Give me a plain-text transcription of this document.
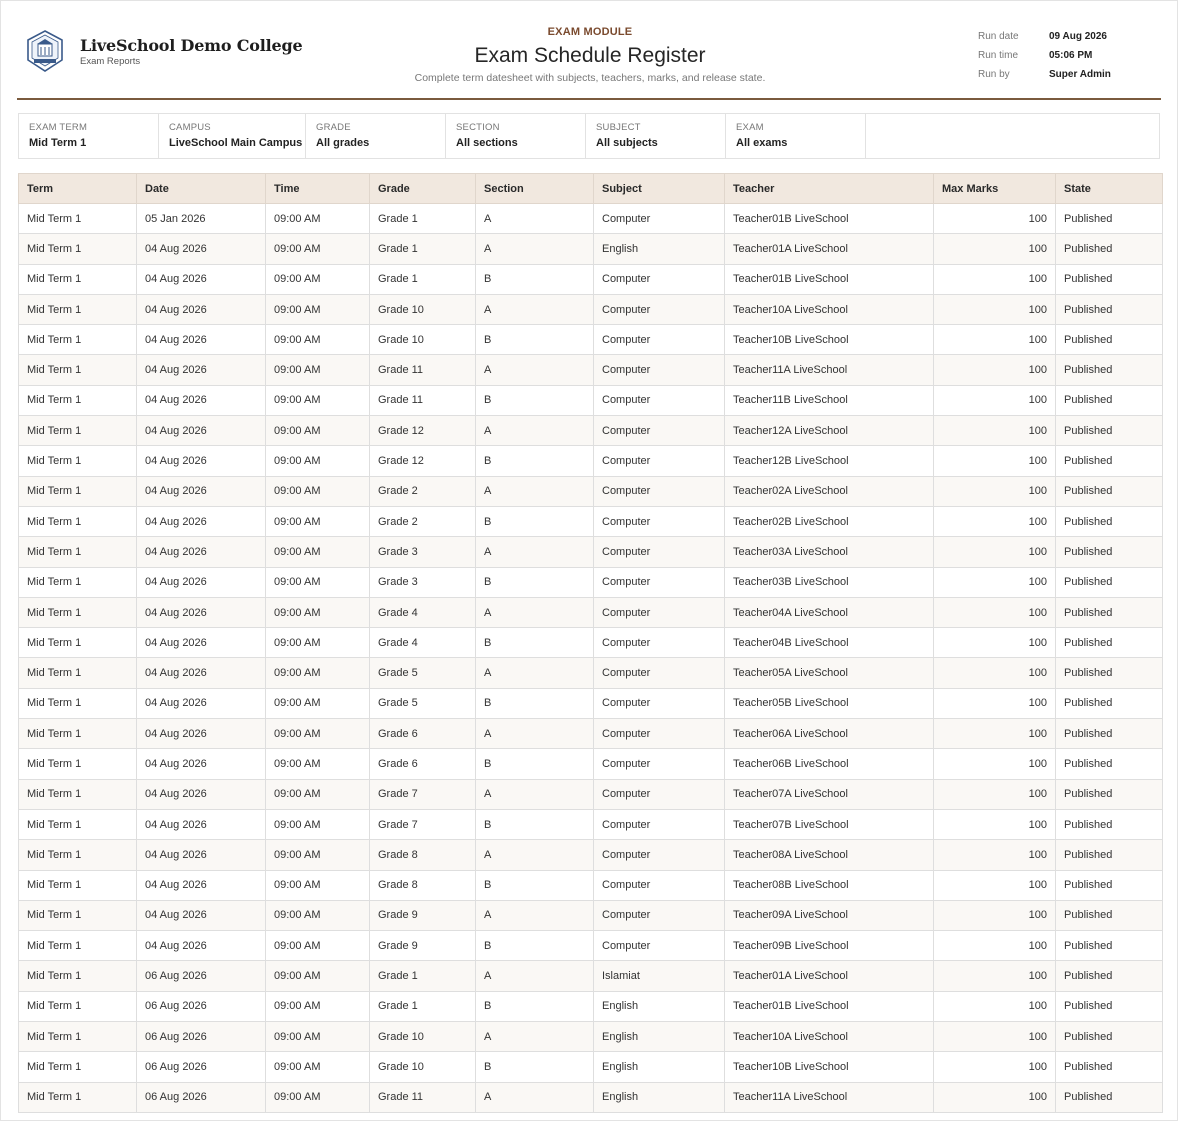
LiveSchool Demo College
Exam Reports
EXAM MODULE
Exam Schedule Register
Complete term datesheet with subjects, teachers, marks, and release state.
Run date	09 Aug 2026
Run time	05:06 PM
Run by	Super Admin
EXAM TERM
Mid Term 1
CAMPUS
LiveSchool Main Campus
GRADE
All grades
SECTION
All sections
SUBJECT
All subjects
EXAM
All exams
Term	Date	Time	Grade	Section	Subject	Teacher	Max Marks	State
Mid Term 1	05 Jan 2026	09:00 AM	Grade 1	A	Computer	Teacher01B LiveSchool	100	Published
Mid Term 1	04 Aug 2026	09:00 AM	Grade 1	A	English	Teacher01A LiveSchool	100	Published
Mid Term 1	04 Aug 2026	09:00 AM	Grade 1	B	Computer	Teacher01B LiveSchool	100	Published
Mid Term 1	04 Aug 2026	09:00 AM	Grade 10	A	Computer	Teacher10A LiveSchool	100	Published
Mid Term 1	04 Aug 2026	09:00 AM	Grade 10	B	Computer	Teacher10B LiveSchool	100	Published
Mid Term 1	04 Aug 2026	09:00 AM	Grade 11	A	Computer	Teacher11A LiveSchool	100	Published
Mid Term 1	04 Aug 2026	09:00 AM	Grade 11	B	Computer	Teacher11B LiveSchool	100	Published
Mid Term 1	04 Aug 2026	09:00 AM	Grade 12	A	Computer	Teacher12A LiveSchool	100	Published
Mid Term 1	04 Aug 2026	09:00 AM	Grade 12	B	Computer	Teacher12B LiveSchool	100	Published
Mid Term 1	04 Aug 2026	09:00 AM	Grade 2	A	Computer	Teacher02A LiveSchool	100	Published
Mid Term 1	04 Aug 2026	09:00 AM	Grade 2	B	Computer	Teacher02B LiveSchool	100	Published
Mid Term 1	04 Aug 2026	09:00 AM	Grade 3	A	Computer	Teacher03A LiveSchool	100	Published
Mid Term 1	04 Aug 2026	09:00 AM	Grade 3	B	Computer	Teacher03B LiveSchool	100	Published
Mid Term 1	04 Aug 2026	09:00 AM	Grade 4	A	Computer	Teacher04A LiveSchool	100	Published
Mid Term 1	04 Aug 2026	09:00 AM	Grade 4	B	Computer	Teacher04B LiveSchool	100	Published
Mid Term 1	04 Aug 2026	09:00 AM	Grade 5	A	Computer	Teacher05A LiveSchool	100	Published
Mid Term 1	04 Aug 2026	09:00 AM	Grade 5	B	Computer	Teacher05B LiveSchool	100	Published
Mid Term 1	04 Aug 2026	09:00 AM	Grade 6	A	Computer	Teacher06A LiveSchool	100	Published
Mid Term 1	04 Aug 2026	09:00 AM	Grade 6	B	Computer	Teacher06B LiveSchool	100	Published
Mid Term 1	04 Aug 2026	09:00 AM	Grade 7	A	Computer	Teacher07A LiveSchool	100	Published
Mid Term 1	04 Aug 2026	09:00 AM	Grade 7	B	Computer	Teacher07B LiveSchool	100	Published
Mid Term 1	04 Aug 2026	09:00 AM	Grade 8	A	Computer	Teacher08A LiveSchool	100	Published
Mid Term 1	04 Aug 2026	09:00 AM	Grade 8	B	Computer	Teacher08B LiveSchool	100	Published
Mid Term 1	04 Aug 2026	09:00 AM	Grade 9	A	Computer	Teacher09A LiveSchool	100	Published
Mid Term 1	04 Aug 2026	09:00 AM	Grade 9	B	Computer	Teacher09B LiveSchool	100	Published
Mid Term 1	06 Aug 2026	09:00 AM	Grade 1	A	Islamiat	Teacher01A LiveSchool	100	Published
Mid Term 1	06 Aug 2026	09:00 AM	Grade 1	B	English	Teacher01B LiveSchool	100	Published
Mid Term 1	06 Aug 2026	09:00 AM	Grade 10	A	English	Teacher10A LiveSchool	100	Published
Mid Term 1	06 Aug 2026	09:00 AM	Grade 10	B	English	Teacher10B LiveSchool	100	Published
Mid Term 1	06 Aug 2026	09:00 AM	Grade 11	A	English	Teacher11A LiveSchool	100	Published
